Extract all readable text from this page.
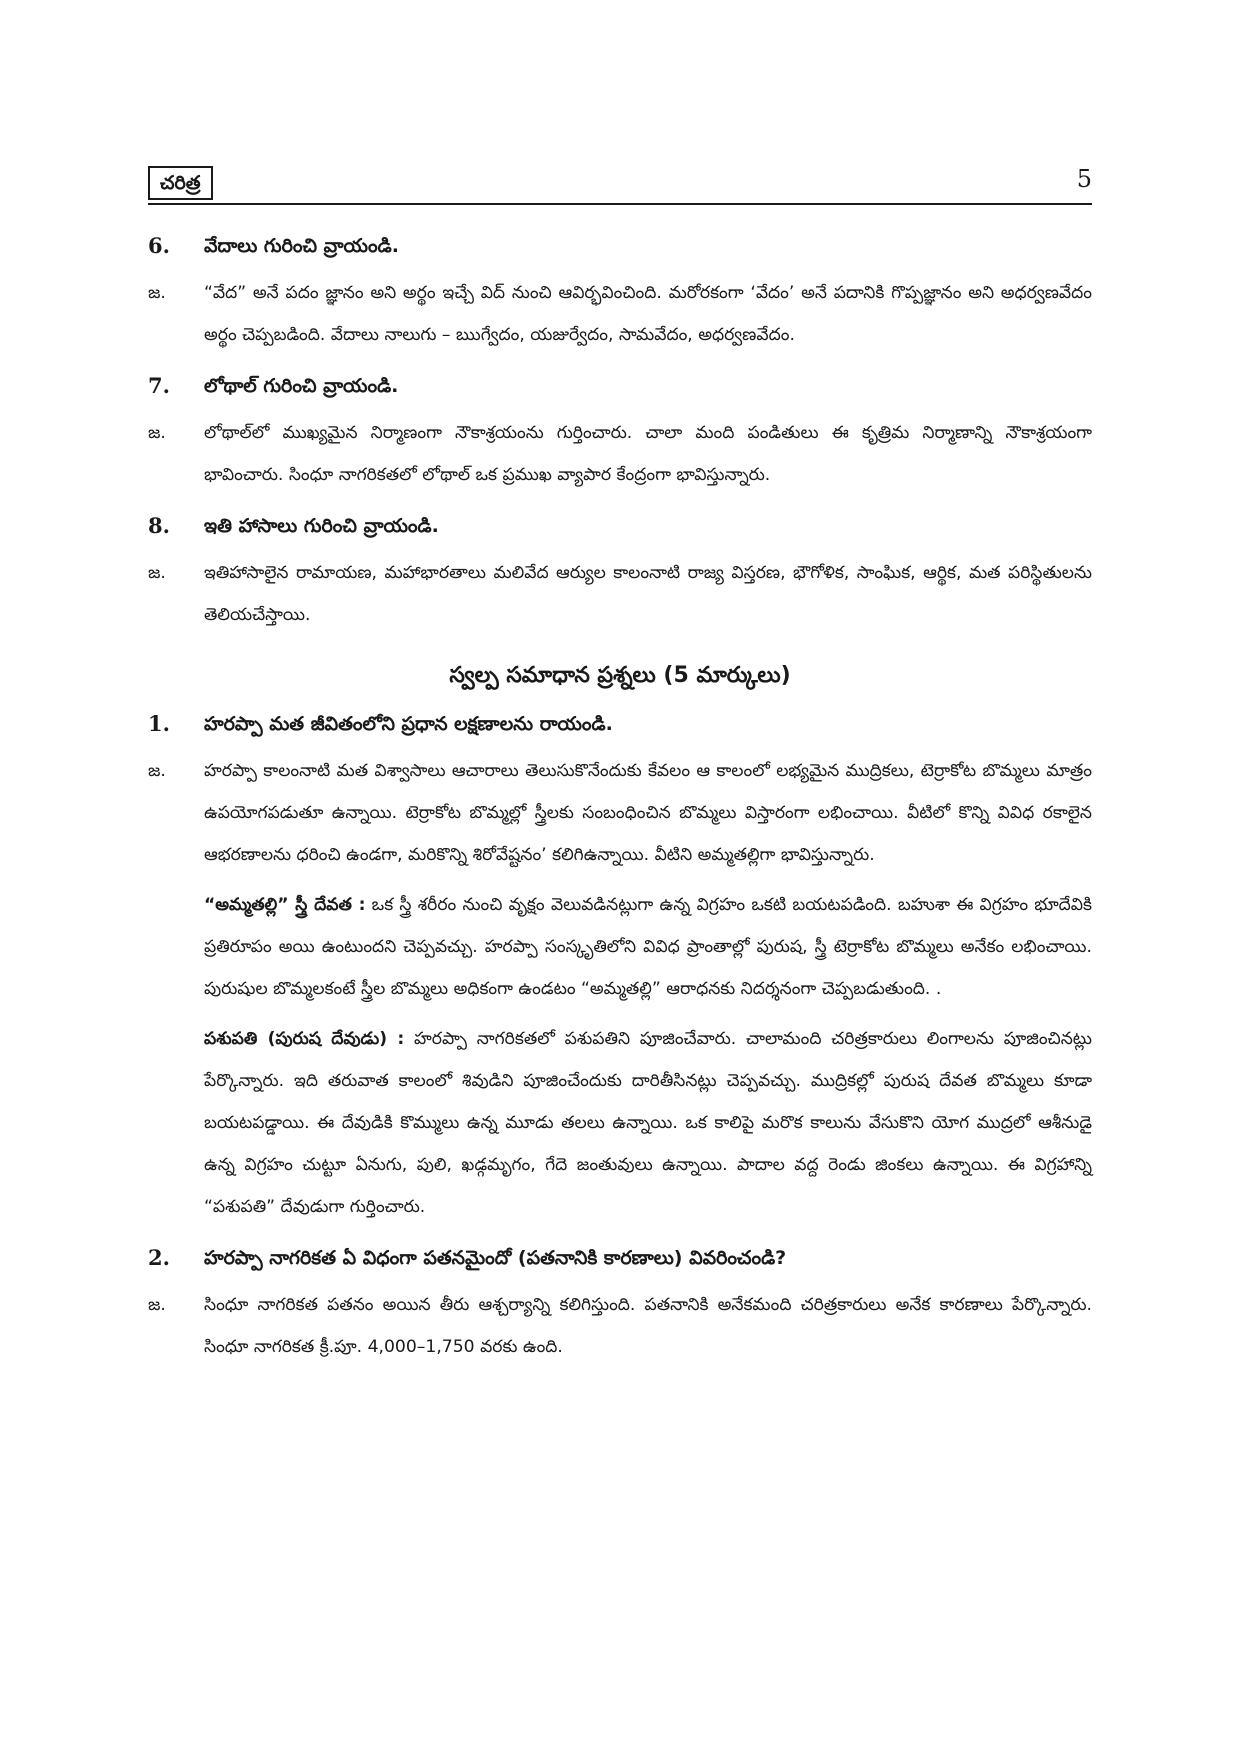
చరిత్ర	5
6.	వేదాలు గురించి వ్రాయండి.
జ.	“వేద” అనే పదం జ్ఞానం అని అర్థం ఇచ్చే విద్ నుంచి ఆవిర్భవించింది. మరోరకంగా ‘వేదం’ అనే పదానికి గొప్పజ్ఞానం అని అధర్వణవేదం అర్థం చెప్పబడింది. వేదాలు నాలుగు – ఋగ్వేదం, యజుర్వేదం, సామవేదం, అధర్వణవేదం.
7.	లోథాల్ గురించి వ్రాయండి.
జ.	లోథాల్‌లో ముఖ్యమైన నిర్మాణంగా నౌకాశ్రయంను గుర్తించారు. చాలా మంది పండితులు ఈ కృత్రిమ నిర్మాణాన్ని నౌకాశ్రయంగా భావించారు. సింధూ నాగరికతలో లోథాల్ ఒక ప్రముఖ వ్యాపార కేంద్రంగా భావిస్తున్నారు.
8.	ఇతి హాసాలు గురించి వ్రాయండి.
జ.	ఇతిహాసాలైన రామాయణ, మహాభారతాలు మలివేద ఆర్యుల కాలంనాటి రాజ్య విస్తరణ, భౌగోళిక, సాంఘిక, ఆర్థిక, మత పరిస్థితులను తెలియచేస్తాయి.
స్వల్ప సమాధాన ప్రశ్నలు (5 మార్కులు)
1.	హరప్పా మత జీవితంలోని ప్రధాన లక్షణాలను రాయండి.
జ.	హరప్పా కాలంనాటి మత విశ్వాసాలు ఆచారాలు తెలుసుకొనేందుకు కేవలం ఆ కాలంలో లభ్యమైన ముద్రికలు, టెర్రాకోట బొమ్మలు మాత్రం ఉపయోగపడుతూ ఉన్నాయి. టెర్రాకోట బొమ్మల్లో స్త్రీలకు సంబంధించిన బొమ్మలు విస్తారంగా లభించాయి. వీటిలో కొన్ని వివిధ రకాలైన ఆభరణాలను ధరించి ఉండగా, మరికొన్ని శిరోవేష్టనం’ కలిగిఉన్నాయి. వీటిని అమ్మతల్లిగా భావిస్తున్నారు.
“అమ్మతల్లి” స్త్రీ దేవత : ఒక స్త్రీ శరీరం నుంచి వృక్షం వెలువడినట్లుగా ఉన్న విగ్రహం ఒకటి బయటపడింది. బహుశా ఈ విగ్రహం భూదేవికి ప్రతిరూపం అయి ఉంటుందని చెప్పవచ్చు. హరప్పా సంస్కృతిలోని వివిధ ప్రాంతాల్లో పురుష, స్త్రీ టెర్రాకోట బొమ్మలు అనేకం లభించాయి. పురుషుల బొమ్మలకంటే స్త్రీల బొమ్మలు అధికంగా ఉండటం “అమ్మతల్లి” ఆరాధనకు నిదర్శనంగా చెప్పబడుతుంది. .
పశుపతి (పురుష దేవుడు) : హరప్పా నాగరికతలో పశుపతిని పూజించేవారు. చాలామంది చరిత్రకారులు లింగాలను పూజించినట్లు పేర్కొన్నారు. ఇది తరువాత కాలంలో శివుడిని పూజించేందుకు దారితీసినట్లు చెప్పవచ్చు. ముద్రికల్లో పురుష దేవత బొమ్మలు కూడా బయటపడ్డాయి. ఈ దేవుడికి కొమ్ములు ఉన్న మూడు తలలు ఉన్నాయి. ఒక కాలిపై మరొక కాలును వేసుకొని యోగ ముద్రలో ఆశీనుడై ఉన్న విగ్రహం చుట్టూ ఏనుగు, పులి, ఖడ్గమృగం, గేదె జంతువులు ఉన్నాయి. పాదాల వద్ద రెండు జింకలు ఉన్నాయి. ఈ విగ్రహాన్ని “పశుపతి” దేవుడుగా గుర్తించారు.
2.	హరప్పా నాగరికత ఏ విధంగా పతనమైందో (పతనానికి కారణాలు) వివరించండి?
జ.	సింధూ నాగరికత పతనం అయిన తీరు ఆశ్చర్యాన్ని కలిగిస్తుంది. పతనానికి అనేకమంది చరిత్రకారులు అనేక కారణాలు పేర్కొన్నారు. సింధూ నాగరికత క్రీ.పూ. 4,000–1,750 వరకు ఉంది.
